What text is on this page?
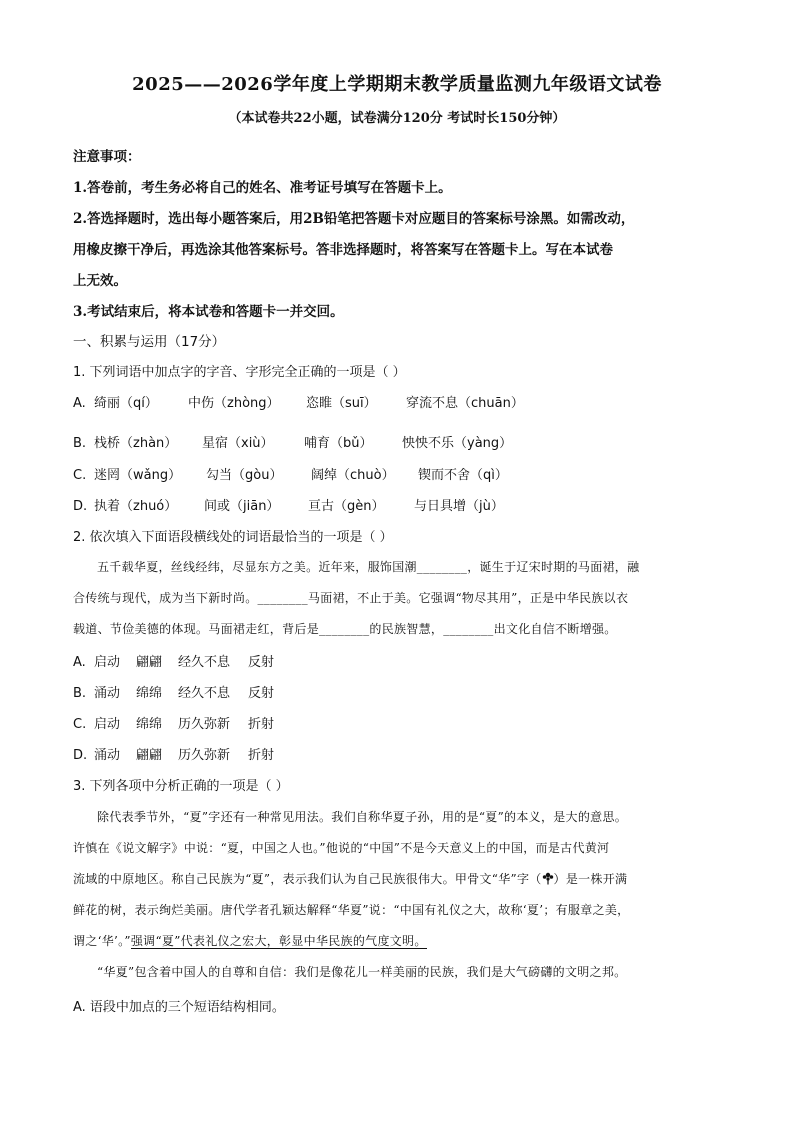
2025——2026学年度上学期期末教学质量监测九年级语文试卷
（本试卷共22小题，试卷满分120分 考试时长150分钟）
注意事项：
1.答卷前，考生务必将自己的姓名、准考证号填写在答题卡上。
2.答选择题时，选出每小题答案后，用2B铅笔把答题卡对应题目的答案标号涂黑。如需改动，
用橡皮擦干净后，再选涂其他答案标号。答非选择题时，将答案写在答题卡上。写在本试卷
上无效。
3.考试结束后，将本试卷和答题卡一并交回。
一、积累与运用（17分）
1. 下列词语中加点字的字音、字形完全正确的一项是（ ）
A. 绮丽（qí） 中伤（zhòng） 恣睢（suī） 穿流不息（chuān）
B. 栈桥（zhàn） 星宿（xiù） 哺育（bǔ） 怏怏不乐（yàng）
C. 迷罔（wǎng） 勾当（gòu） 阔绰（chuò） 锲而不舍（qì）
D. 执着（zhuó） 间或（jiān） 亘古（gèn） 与日具增（jù）
2. 依次填入下面语段横线处的词语最恰当的一项是（ ）
五千载华夏，丝线经纬，尽显东方之美。近年来，服饰国潮________，诞生于辽宋时期的马面裙，融
合传统与现代，成为当下新时尚。________马面裙，不止于美。它强调“物尽其用”，正是中华民族以衣
载道、节俭美德的体现。马面裙走红，背后是________的民族智慧，________出文化自信不断增强。
A. 启动 翩翩 经久不息 反射
B. 涌动 绵绵 经久不息 反射
C. 启动 绵绵 历久弥新 折射
D. 涌动 翩翩 历久弥新 折射
3. 下列各项中分析正确的一项是（ ）
除代表季节外，“夏”字还有一种常见用法。我们自称华夏子孙，用的是“夏”的本义，是大的意思。
许慎在《说文解字》中说：“夏，中国之人也。”他说的“中国”不是今天意义上的中国，而是古代黄河
流域的中原地区。称自己民族为“夏”，表示我们认为自己民族很伟大。甲骨文“华”字（ ）是一株开满
鲜花的树，表示绚烂美丽。唐代学者孔颖达解释“华夏”说：“中国有礼仪之大，故称‘夏’；有服章之美，
谓之‘华’。”强调“夏”代表礼仪之宏大，彰显中华民族的气度文明。
“华夏”包含着中国人的自尊和自信：我们是像花儿一样美丽的民族，我们是大气磅礴的文明之邦。
A. 语段中加点的三个短语结构相同。
